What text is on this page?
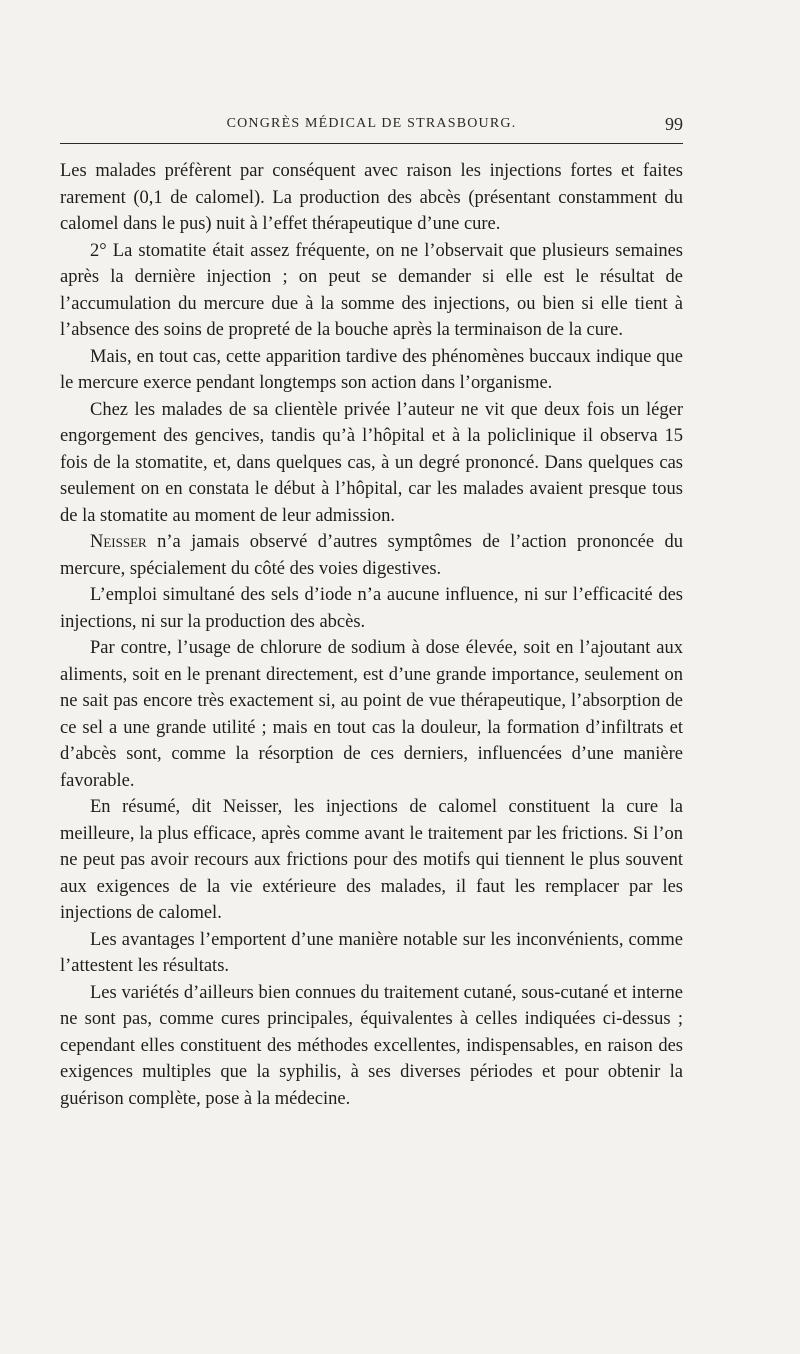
CONGRÈS MÉDICAL DE STRASBOURG.	99

Les malades préfèrent par conséquent avec raison les injections fortes et faites rarement (0,1 de calomel). La production des abcès (présentant constamment du calomel dans le pus) nuit à l’effet thérapeutique d’une cure.

2° La stomatite était assez fréquente, on ne l’observait que plusieurs semaines après la dernière injection ; on peut se demander si elle est le résultat de l’accumulation du mercure due à la somme des injections, ou bien si elle tient à l’absence des soins de propreté de la bouche après la terminaison de la cure.

Mais, en tout cas, cette apparition tardive des phénomènes buccaux indique que le mercure exerce pendant longtemps son action dans l’organisme.

Chez les malades de sa clientèle privée l’auteur ne vit que deux fois un léger engorgement des gencives, tandis qu’à l’hôpital et à la policlinique il observa 15 fois de la stomatite, et, dans quelques cas, à un degré prononcé. Dans quelques cas seulement on en constata le début à l’hôpital, car les malades avaient presque tous de la stomatite au moment de leur admission.

Neisser n’a jamais observé d’autres symptômes de l’action prononcée du mercure, spécialement du côté des voies digestives.

L’emploi simultané des sels d’iode n’a aucune influence, ni sur l’efficacité des injections, ni sur la production des abcès.

Par contre, l’usage de chlorure de sodium à dose élevée, soit en l’ajoutant aux aliments, soit en le prenant directement, est d’une grande importance, seulement on ne sait pas encore très exactement si, au point de vue thérapeutique, l’absorption de ce sel a une grande utilité ; mais en tout cas la douleur, la formation d’infiltrats et d’abcès sont, comme la résorption de ces derniers, influencées d’une manière favorable.

En résumé, dit Neisser, les injections de calomel constituent la cure la meilleure, la plus efficace, après comme avant le traitement par les frictions. Si l’on ne peut pas avoir recours aux frictions pour des motifs qui tiennent le plus souvent aux exigences de la vie extérieure des malades, il faut les remplacer par les injections de calomel.

Les avantages l’emportent d’une manière notable sur les inconvénients, comme l’attestent les résultats.

Les variétés d’ailleurs bien connues du traitement cutané, sous-cutané et interne ne sont pas, comme cures principales, équivalentes à celles indiquées ci-dessus ; cependant elles constituent des méthodes excellentes, indispensables, en raison des exigences multiples que la syphilis, à ses diverses périodes et pour obtenir la guérison complète, pose à la médecine.
